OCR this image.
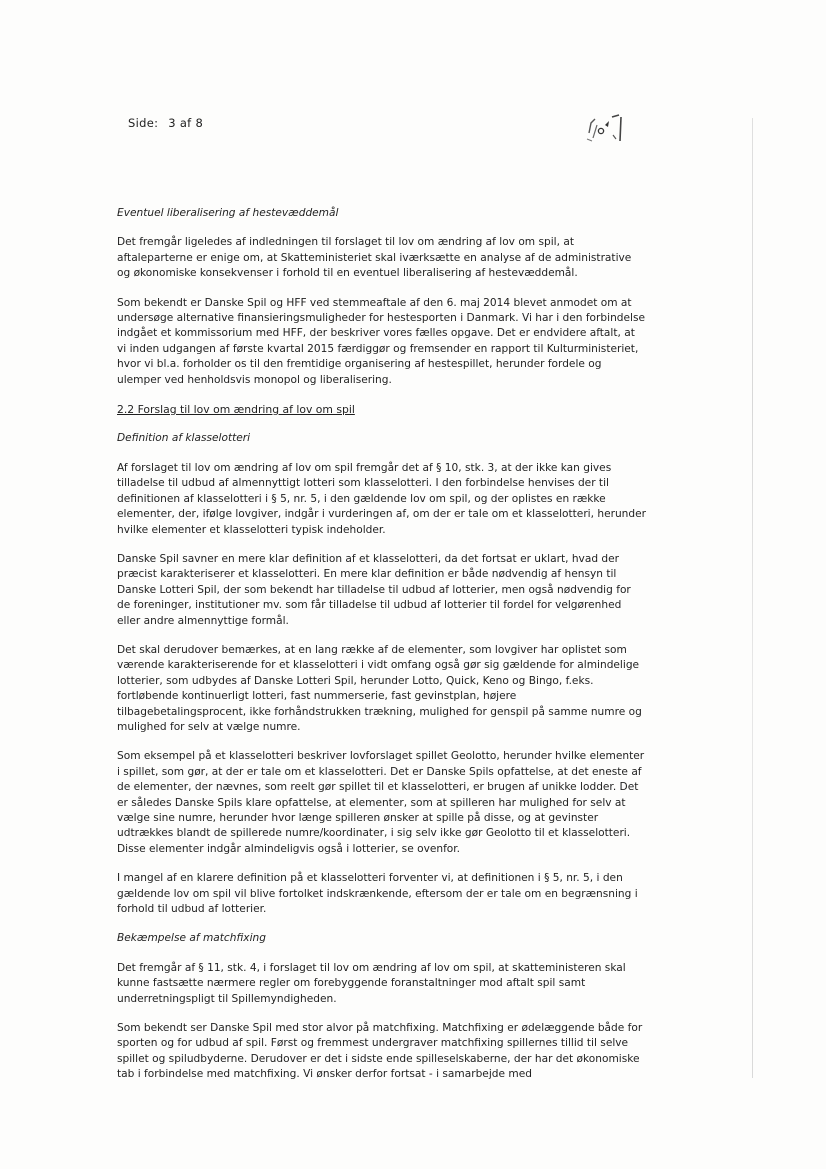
Side: 3 af 8

Eventuel liberalisering af hestevæddemål

Det fremgår ligeledes af indledningen til forslaget til lov om ændring af lov om spil, at aftaleparterne er enige om, at Skatteministeriet skal iværksætte en analyse af de administrative og økonomiske konsekvenser i forhold til en eventuel liberalisering af hestevæddemål.

Som bekendt er Danske Spil og HFF ved stemmeaftale af den 6. maj 2014 blevet anmodet om at undersøge alternative finansieringsmuligheder for hestesporten i Danmark. Vi har i den forbindelse indgået et kommissorium med HFF, der beskriver vores fælles opgave. Det er endvidere aftalt, at vi inden udgangen af første kvartal 2015 færdiggør og fremsender en rapport til Kulturministeriet, hvor vi bl.a. forholder os til den fremtidige organisering af hestespillet, herunder fordele og ulemper ved henholdsvis monopol og liberalisering.

2.2 Forslag til lov om ændring af lov om spil

Definition af klasselotteri

Af forslaget til lov om ændring af lov om spil fremgår det af § 10, stk. 3, at der ikke kan gives tilladelse til udbud af almennyttigt lotteri som klasselotteri. I den forbindelse henvises der til definitionen af klasselotteri i § 5, nr. 5, i den gældende lov om spil, og der oplistes en række elementer, der, ifølge lovgiver, indgår i vurderingen af, om der er tale om et klasselotteri, herunder hvilke elementer et klasselotteri typisk indeholder.

Danske Spil savner en mere klar definition af et klasselotteri, da det fortsat er uklart, hvad der præcist karakteriserer et klasselotteri. En mere klar definition er både nødvendig af hensyn til Danske Lotteri Spil, der som bekendt har tilladelse til udbud af lotterier, men også nødvendig for de foreninger, institutioner mv. som får tilladelse til udbud af lotterier til fordel for velgørenhed eller andre almennyttige formål.

Det skal derudover bemærkes, at en lang række af de elementer, som lovgiver har oplistet som værende karakteriserende for et klasselotteri i vidt omfang også gør sig gældende for almindelige lotterier, som udbydes af Danske Lotteri Spil, herunder Lotto, Quick, Keno og Bingo, f.eks. fortløbende kontinuerligt lotteri, fast nummerserie, fast gevinstplan, højere tilbagebetalingsprocent, ikke forhåndstrukken trækning, mulighed for genspil på samme numre og mulighed for selv at vælge numre.

Som eksempel på et klasselotteri beskriver lovforslaget spillet Geolotto, herunder hvilke elementer i spillet, som gør, at der er tale om et klasselotteri. Det er Danske Spils opfattelse, at det eneste af de elementer, der nævnes, som reelt gør spillet til et klasselotteri, er brugen af unikke lodder. Det er således Danske Spils klare opfattelse, at elementer, som at spilleren har mulighed for selv at vælge sine numre, herunder hvor længe spilleren ønsker at spille på disse, og at gevinster udtrækkes blandt de spillerede numre/koordinater, i sig selv ikke gør Geolotto til et klasselotteri. Disse elementer indgår almindeligvis også i lotterier, se ovenfor.

I mangel af en klarere definition på et klasselotteri forventer vi, at definitionen i § 5, nr. 5, i den gældende lov om spil vil blive fortolket indskrænkende, eftersom der er tale om en begrænsning i forhold til udbud af lotterier.

Bekæmpelse af matchfixing

Det fremgår af § 11, stk. 4, i forslaget til lov om ændring af lov om spil, at skatteministeren skal kunne fastsætte nærmere regler om forebyggende foranstaltninger mod aftalt spil samt underretningspligt til Spillemyndigheden.

Som bekendt ser Danske Spil med stor alvor på matchfixing. Matchfixing er ødelæggende både for sporten og for udbud af spil. Først og fremmest undergraver matchfixing spillernes tillid til selve spillet og spiludbyderne. Derudover er det i sidste ende spilleselskaberne, der har det økonomiske tab i forbindelse med matchfixing. Vi ønsker derfor fortsat - i samarbejde med
